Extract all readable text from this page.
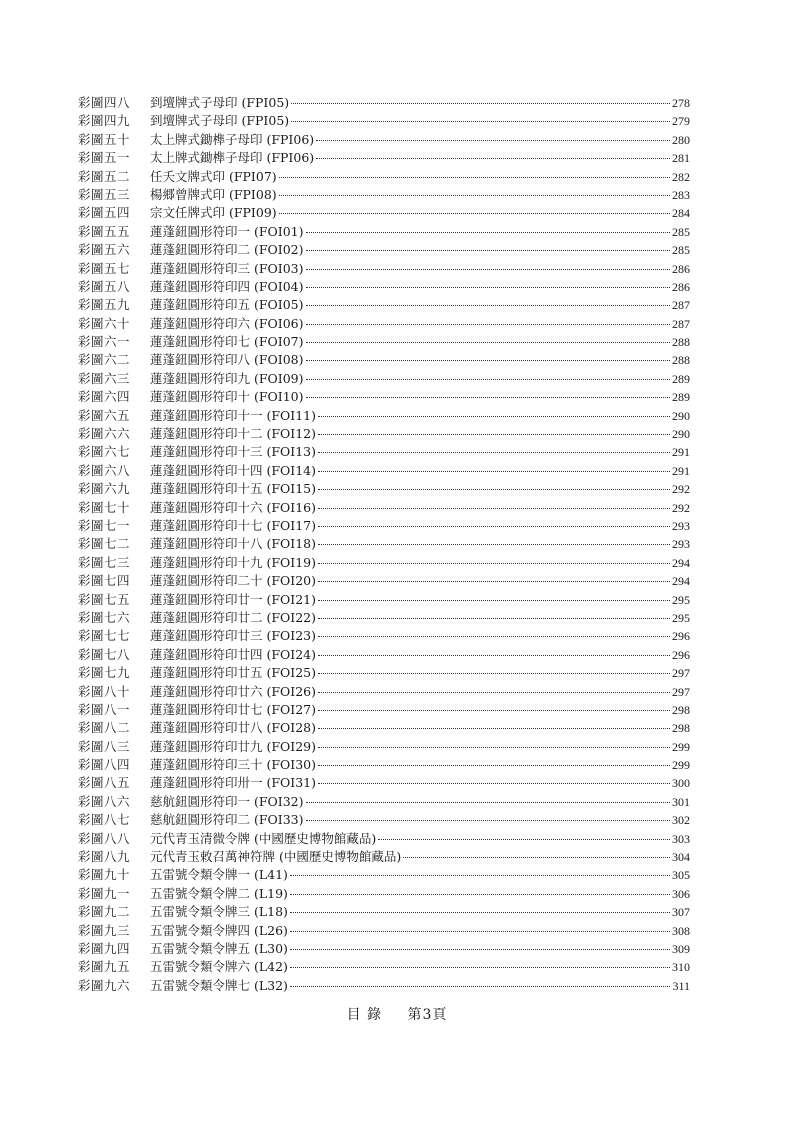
彩圖四八	到壇牌式子母印 (FPI05)	278
彩圖四九	到壇牌式子母印 (FPI05)	279
彩圖五十	太上牌式鋤榫子母印 (FPI06)	280
彩圖五一	太上牌式鋤榫子母印 (FPI06)	281
彩圖五二	任夭文牌式印 (FPI07)	282
彩圖五三	楊郷曾牌式印 (FPI08)	283
彩圖五四	宗文任牌式印 (FPI09)	284
彩圖五五	蓮蓬鈕圓形符印一 (FOI01)	285
彩圖五六	蓮蓬鈕圓形符印二 (FOI02)	285
彩圖五七	蓮蓬鈕圓形符印三 (FOI03)	286
彩圖五八	蓮蓬鈕圓形符印四 (FOI04)	286
彩圖五九	蓮蓬鈕圓形符印五 (FOI05)	287
彩圖六十	蓮蓬鈕圓形符印六 (FOI06)	287
彩圖六一	蓮蓬鈕圓形符印七 (FOI07)	288
彩圖六二	蓮蓬鈕圓形符印八 (FOI08)	288
彩圖六三	蓮蓬鈕圓形符印九 (FOI09)	289
彩圖六四	蓮蓬鈕圓形符印十 (FOI10)	289
彩圖六五	蓮蓬鈕圓形符印十一 (FOI11)	290
彩圖六六	蓮蓬鈕圓形符印十二 (FOI12)	290
彩圖六七	蓮蓬鈕圓形符印十三 (FOI13)	291
彩圖六八	蓮蓬鈕圓形符印十四 (FOI14)	291
彩圖六九	蓮蓬鈕圓形符印十五 (FOI15)	292
彩圖七十	蓮蓬鈕圓形符印十六 (FOI16)	292
彩圖七一	蓮蓬鈕圓形符印十七 (FOI17)	293
彩圖七二	蓮蓬鈕圓形符印十八 (FOI18)	293
彩圖七三	蓮蓬鈕圓形符印十九 (FOI19)	294
彩圖七四	蓮蓬鈕圓形符印二十 (FOI20)	294
彩圖七五	蓮蓬鈕圓形符印廿一 (FOI21)	295
彩圖七六	蓮蓬鈕圓形符印廿二 (FOI22)	295
彩圖七七	蓮蓬鈕圓形符印廿三 (FOI23)	296
彩圖七八	蓮蓬鈕圓形符印廿四 (FOI24)	296
彩圖七九	蓮蓬鈕圓形符印廿五 (FOI25)	297
彩圖八十	蓮蓬鈕圓形符印廿六 (FOI26)	297
彩圖八一	蓮蓬鈕圓形符印廿七 (FOI27)	298
彩圖八二	蓮蓬鈕圓形符印廿八 (FOI28)	298
彩圖八三	蓮蓬鈕圓形符印廿九 (FOI29)	299
彩圖八四	蓮蓬鈕圓形符印三十 (FOI30)	299
彩圖八五	蓮蓬鈕圓形符印卅一 (FOI31)	300
彩圖八六	慈航鈕圓形符印一 (FOI32)	301
彩圖八七	慈航鈕圓形符印二 (FOI33)	302
彩圖八八	元代青玉清微令牌 (中國歷史博物館藏品)	303
彩圖八九	元代青玉敕召萬神符牌 (中國歷史博物館藏品)	304
彩圖九十	五雷號令類令牌一 (L41)	305
彩圖九一	五雷號令類令牌二 (L19)	306
彩圖九二	五雷號令類令牌三 (L18)	307
彩圖九三	五雷號令類令牌四 (L26)	308
彩圖九四	五雷號令類令牌五 (L30)	309
彩圖九五	五雷號令類令牌六 (L42)	310
彩圖九六	五雷號令類令牌七 (L32)	311
目 錄 第3頁
